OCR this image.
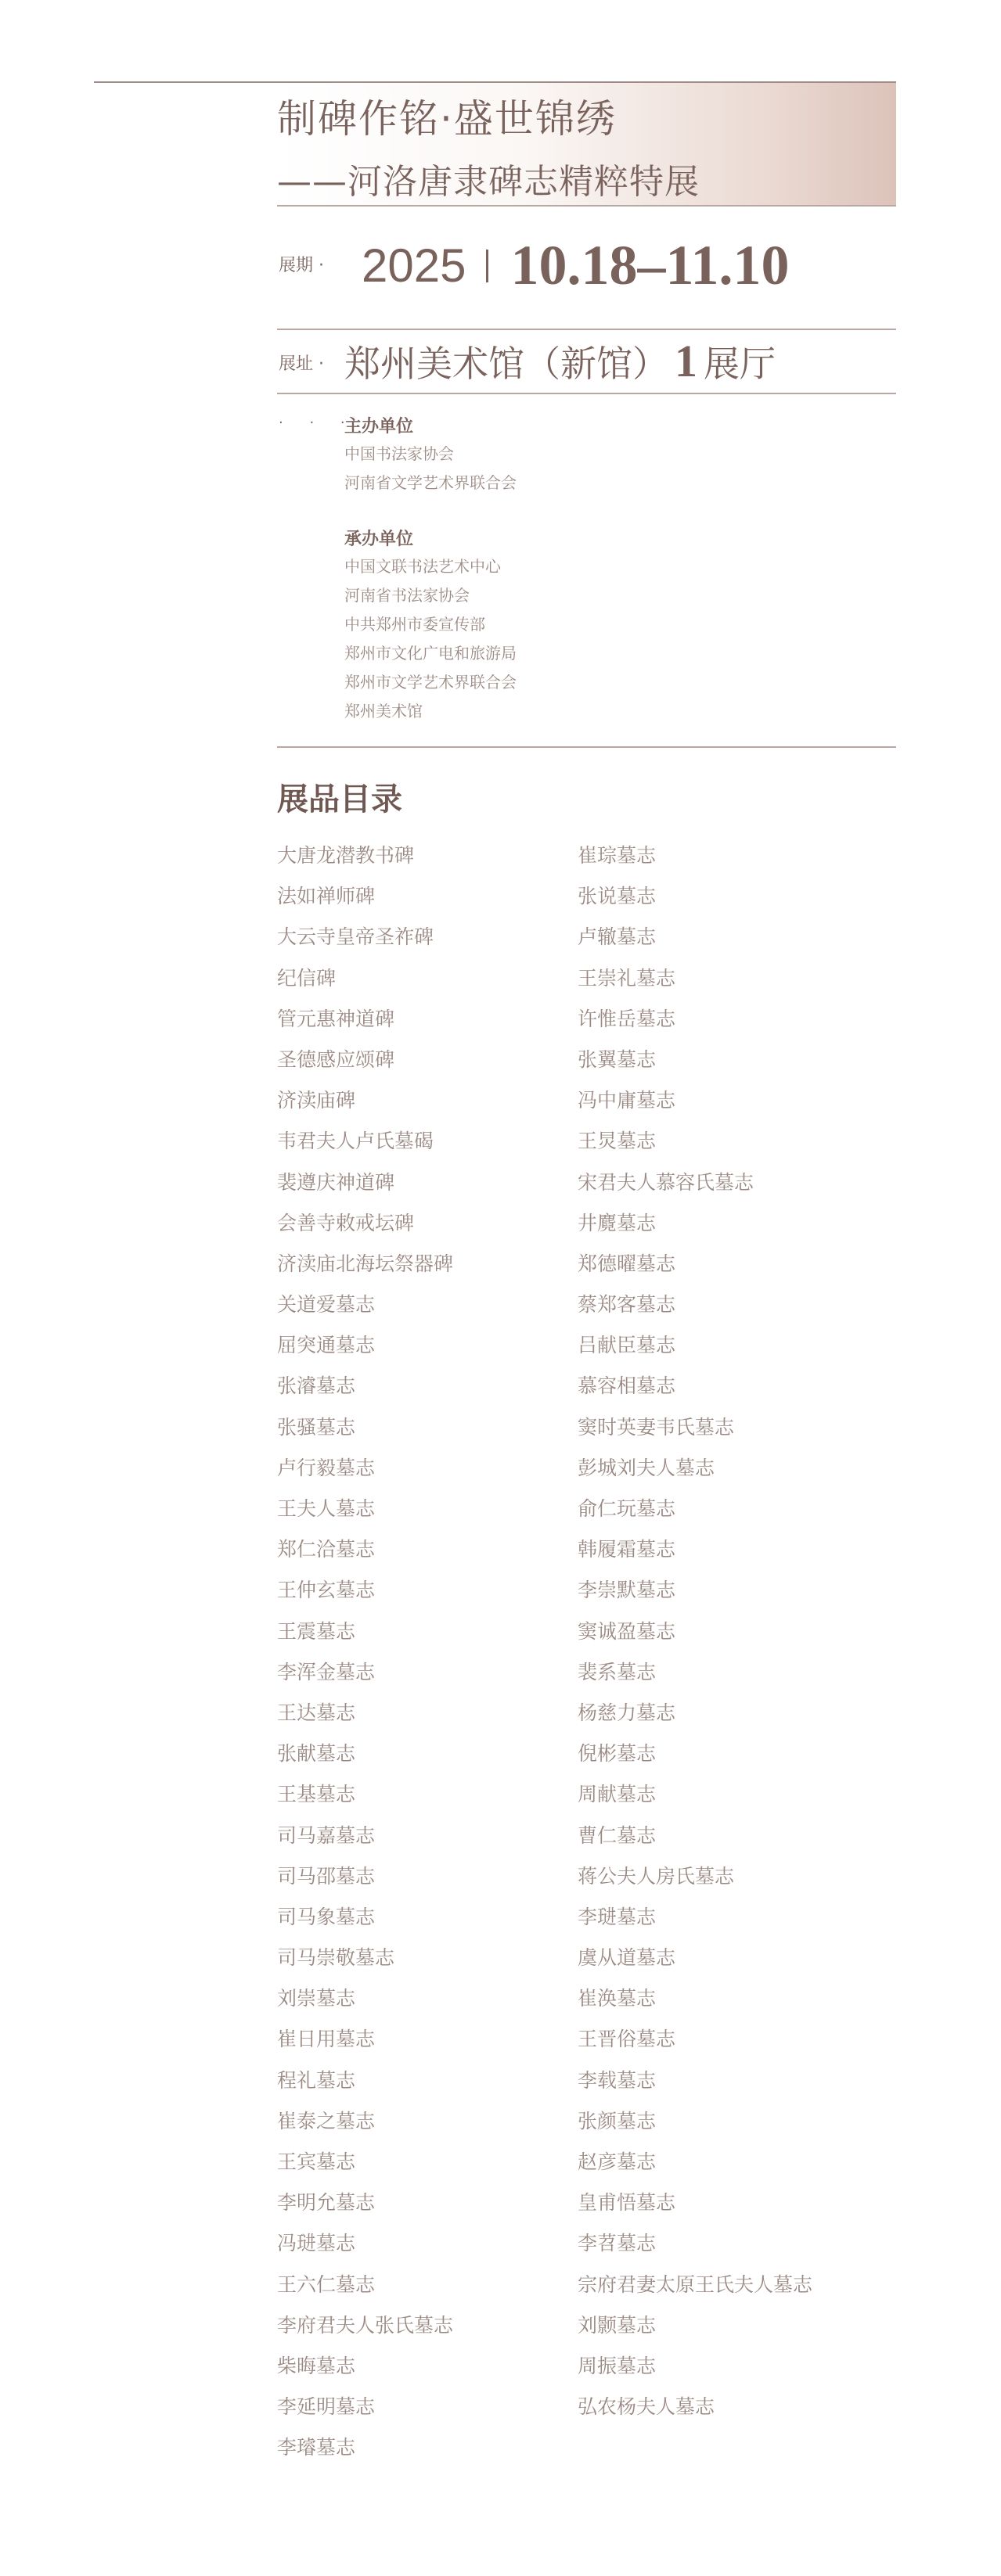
制碑作铭·盛世锦绣
——河洛唐隶碑志精粹特展
展期 · 2025 10.18–11.10
展址 · 郑州美术馆（新馆） 1 展厅
· · ·
主办单位
中国书法家协会
河南省文学艺术界联合会
承办单位
中国文联书法艺术中心
河南省书法家协会
中共郑州市委宣传部
郑州市文化广电和旅游局
郑州市文学艺术界联合会
郑州美术馆
展品目录
大唐龙潜教书碑
法如禅师碑
大云寺皇帝圣祚碑
纪信碑
管元惠神道碑
圣德感应颂碑
济渎庙碑
韦君夫人卢氏墓碣
裴遵庆神道碑
会善寺敕戒坛碑
济渎庙北海坛祭器碑
关道爱墓志
屈突通墓志
张濬墓志
张骚墓志
卢行毅墓志
王夫人墓志
郑仁洽墓志
王仲玄墓志
王震墓志
李浑金墓志
王达墓志
张献墓志
王基墓志
司马嘉墓志
司马邵墓志
司马象墓志
司马崇敬墓志
刘崇墓志
崔日用墓志
程礼墓志
崔泰之墓志
王宾墓志
李明允墓志
冯琎墓志
王六仁墓志
李府君夫人张氏墓志
柴晦墓志
李延明墓志
李璿墓志
崔琮墓志
张说墓志
卢辙墓志
王崇礼墓志
许惟岳墓志
张翼墓志
冯中庸墓志
王炅墓志
宋君夫人慕容氏墓志
井麑墓志
郑德曜墓志
蔡郑客墓志
吕献臣墓志
慕容相墓志
窦时英妻韦氏墓志
彭城刘夫人墓志
俞仁玩墓志
韩履霜墓志
李崇默墓志
窦诚盈墓志
裴系墓志
杨慈力墓志
倪彬墓志
周献墓志
曹仁墓志
蒋公夫人房氏墓志
李琎墓志
虞从道墓志
崔涣墓志
王晋俗墓志
李载墓志
张颜墓志
赵彦墓志
皇甫悟墓志
李苕墓志
宗府君妻太原王氏夫人墓志
刘颢墓志
周振墓志
弘农杨夫人墓志
